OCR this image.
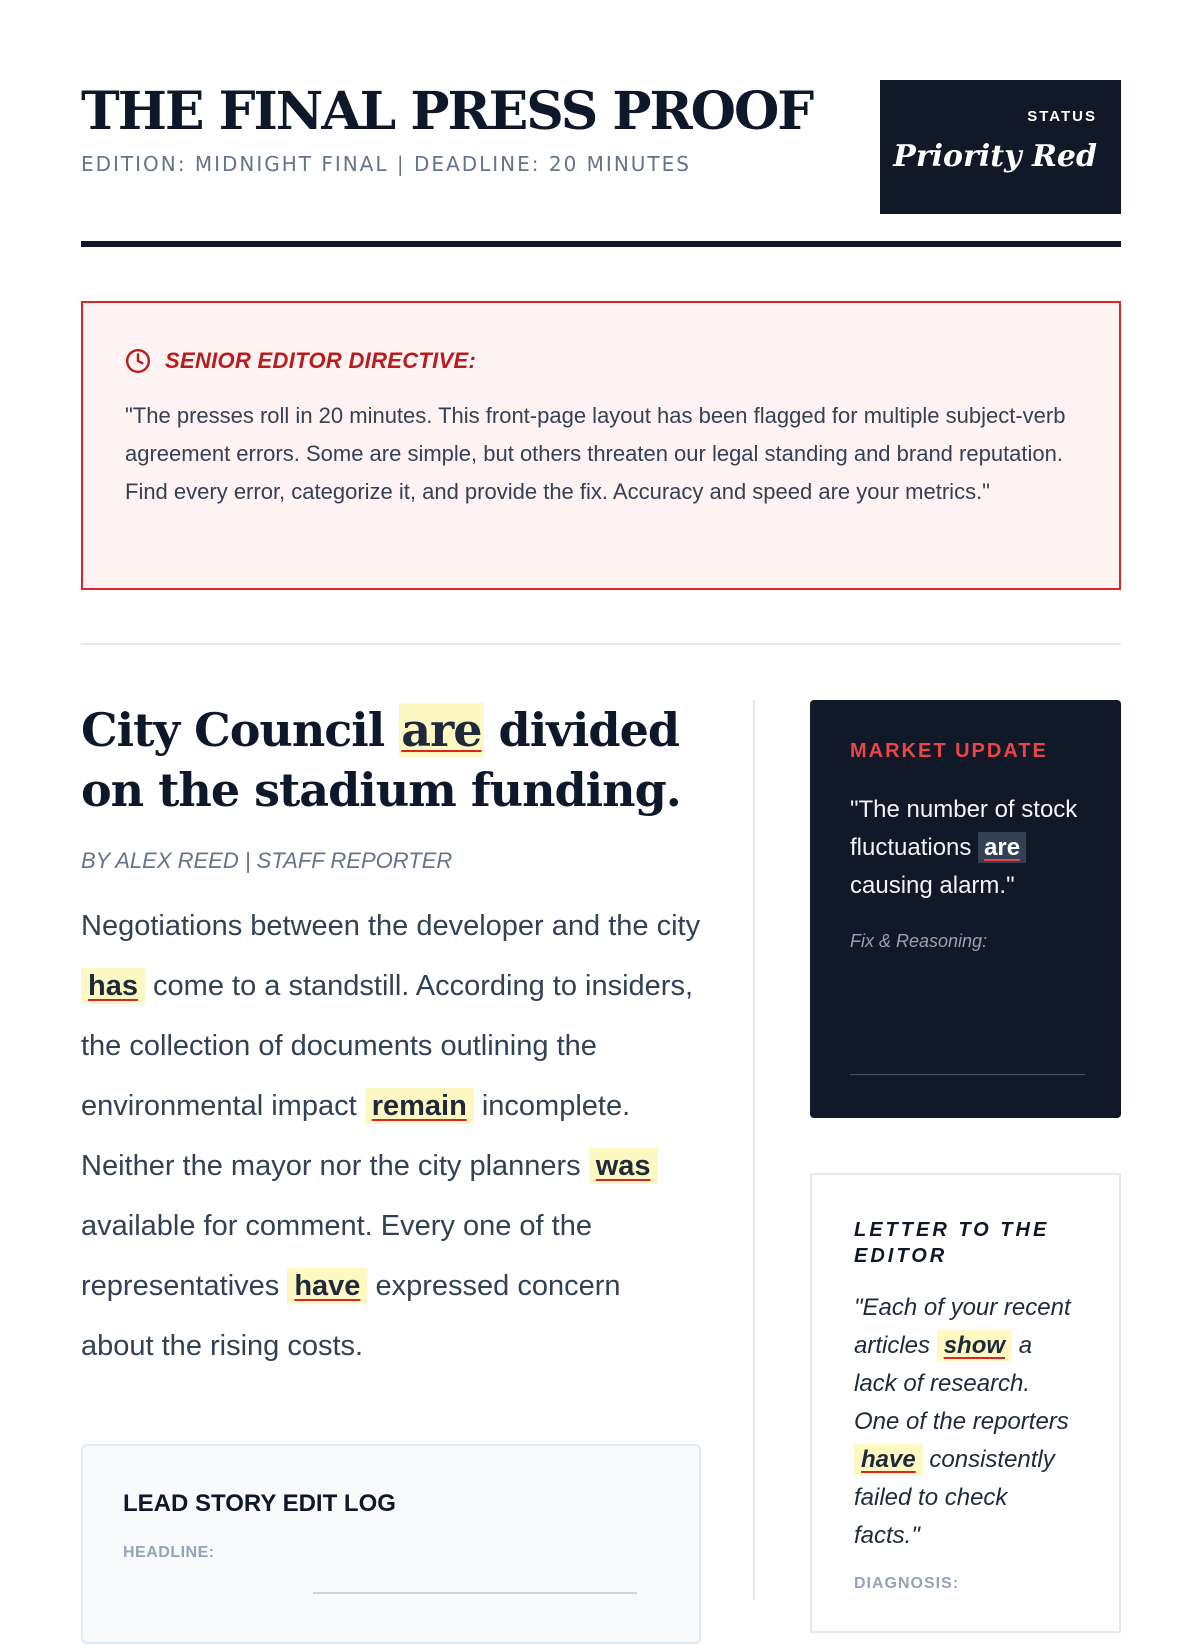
THE FINAL PRESS PROOF
EDITION: MIDNIGHT FINAL | DEADLINE: 20 MINUTES
STATUS
Priority Red
SENIOR EDITOR DIRECTIVE:
"The presses roll in 20 minutes. This front-page layout has been flagged for multiple subject-verb agreement errors. Some are simple, but others threaten our legal standing and brand reputation. Find every error, categorize it, and provide the fix. Accuracy and speed are your metrics."
City Council are divided on the stadium funding.
BY ALEX REED | STAFF REPORTER
Negotiations between the developer and the city has come to a standstill. According to insiders, the collection of documents outlining the environmental impact remain incomplete. Neither the mayor nor the city planners was available for comment. Every one of the representatives have expressed concern about the rising costs.
LEAD STORY EDIT LOG
HEADLINE:
MARKET UPDATE
"The number of stock fluctuations are causing alarm."
Fix & Reasoning:
LETTER TO THE EDITOR
"Each of your recent articles show a lack of research. One of the reporters have consistently failed to check facts."
DIAGNOSIS:
